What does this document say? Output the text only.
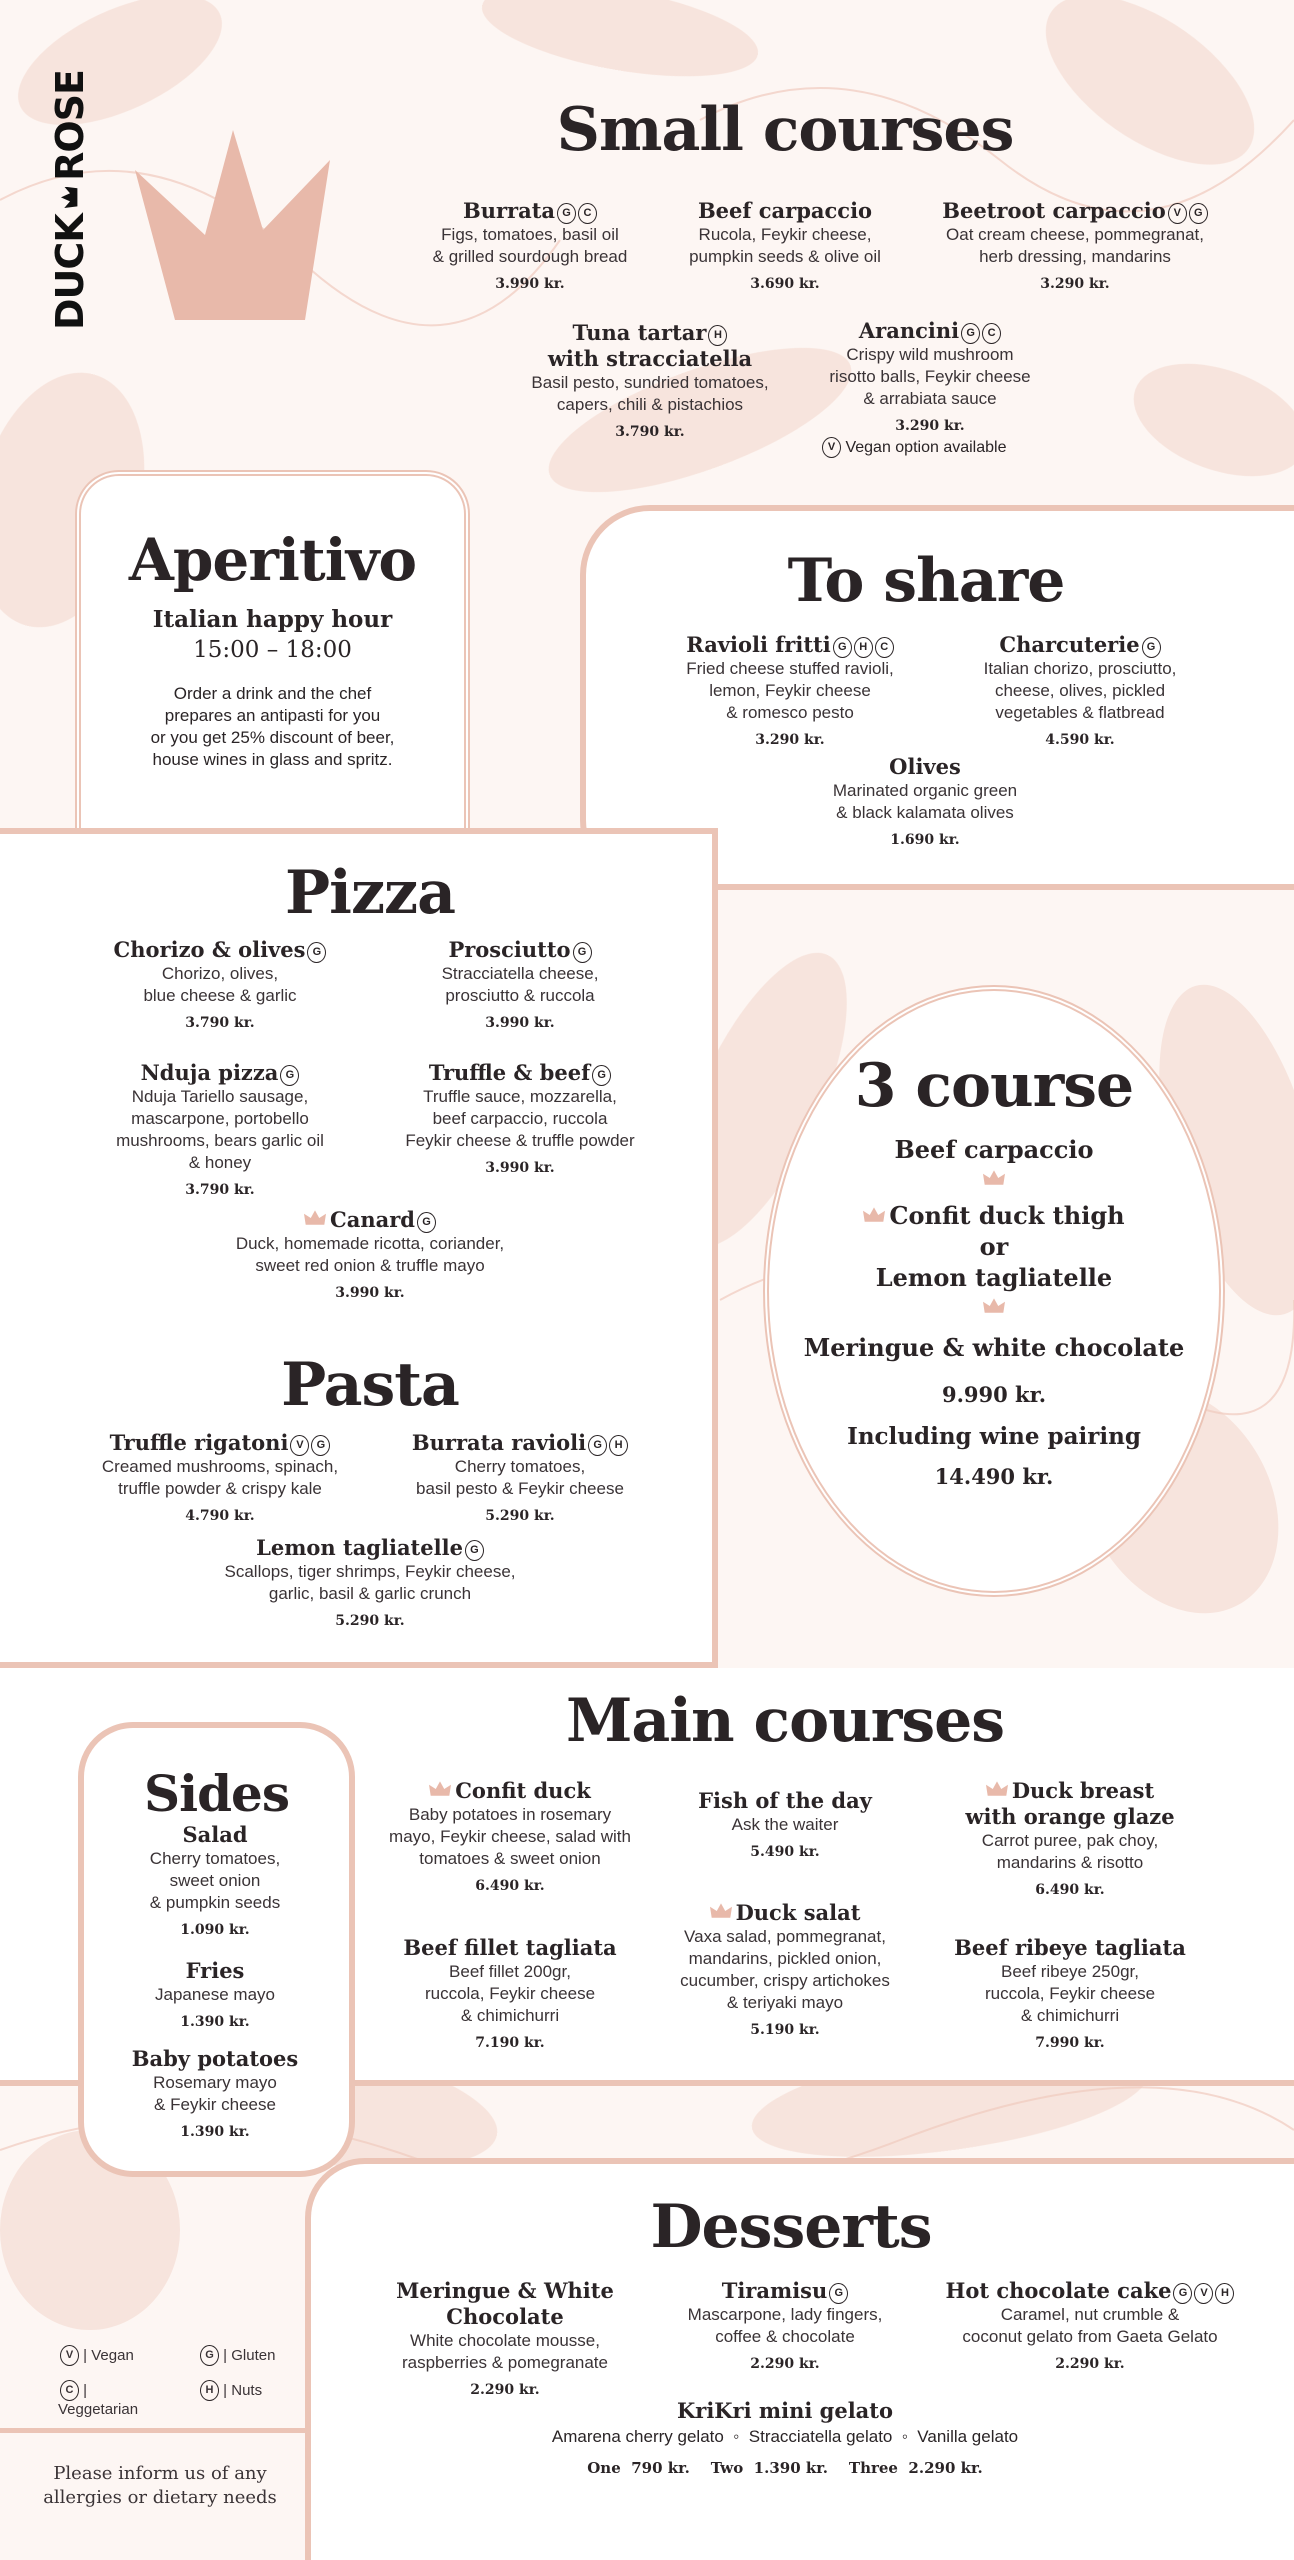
DUCK
ROSE	Small courses
Burrata G C
Figs, tomatoes, basil oil
& grilled sourdough bread
3.990 kr.
Beef carpaccio
Rucola, Feykir cheese,
pumpkin seeds & olive oil
3.690 kr.
Beetroot carpaccio V G
Oat cream cheese, pommegranat,
herb dressing, mandarins
3.290 kr.
Tuna tartar H
with stracciatella
Basil pesto, sundried tomatoes,
capers, chili & pistachios
3.790 kr.
Arancini G C
Crispy wild mushroom
risotto balls, Feykir cheese
& arrabiata sauce
3.290 kr.
V Vegan option available
Aperitivo
Italian happy hour
15:00 – 18:00
Order a drink and the chef
prepares an antipasti for you
or you get 25% discount of beer,
house wines in glass and spritz.
To share
Ravioli fritti G H C
Fried cheese stuffed ravioli,
lemon, Feykir cheese
& romesco pesto
3.290 kr.
Charcuterie G
Italian chorizo, prosciutto,
cheese, olives, pickled
vegetables & flatbread
4.590 kr.
Olives
Marinated organic green
& black kalamata olives
1.690 kr.
Pizza
Pasta
Chorizo & olives G
Chorizo, olives,
blue cheese & garlic
3.790 kr.
Prosciutto G
Stracciatella cheese,
prosciutto & ruccola
3.990 kr.
Nduja pizza G
Nduja Tariello sausage,
mascarpone, portobello
mushrooms, bears garlic oil
& honey
3.790 kr.
Truffle & beef G
Truffle sauce, mozzarella,
beef carpaccio, ruccola
Feykir cheese & truffle powder
3.990 kr.
Canard G
Duck, homemade ricotta, coriander,
sweet red onion & truffle mayo
3.990 kr.
Truffle rigatoni V G
Creamed mushrooms, spinach,
truffle powder & crispy kale
4.790 kr.
Burrata ravioli G H
Cherry tomatoes,
basil pesto & Feykir cheese
5.290 kr.
Lemon tagliatelle G
Scallops, tiger shrimps, Feykir cheese,
garlic, basil & garlic crunch
5.290 kr.
3 course
Beef carpaccio
Confit duck thigh
or
Lemon tagliatelle
Meringue & white chocolate
9.990 kr.
Including wine pairing
14.490 kr.
Main courses
Confit duck
Baby potatoes in rosemary
mayo, Feykir cheese, salad with
tomatoes & sweet onion
6.490 kr.
Fish of the day
Ask the waiter
5.490 kr.
Duck breast
with orange glaze
Carrot puree, pak choy,
mandarins & risotto
6.490 kr.
Duck salat
Vaxa salad, pommegranat,
mandarins, pickled onion,
cucumber, crispy artichokes
& teriyaki mayo
5.190 kr.
Beef fillet tagliata
Beef fillet 200gr,
ruccola, Feykir cheese
& chimichurri
7.190 kr.
Beef ribeye tagliata
Beef ribeye 250gr,
ruccola, Feykir cheese
& chimichurri
7.990 kr.
Sides
Salad
Cherry tomatoes,
sweet onion
& pumpkin seeds
1.090 kr.
Fries
Japanese mayo
1.390 kr.
Baby potatoes
Rosemary mayo
& Feykir cheese
1.390 kr.
Desserts
Meringue & White Chocolate
White chocolate mousse,
raspberries & pomegranate
2.290 kr.
Tiramisu G
Mascarpone, lady fingers,
coffee & chocolate
2.290 kr.
Hot chocolate cake G V H
Caramel, nut crumble &
coconut gelato from Gaeta Gelato
2.290 kr.
KriKri mini gelato
Amarena cherry gelato  ◦  Stracciatella gelato  ◦  Vanilla gelato
One 790 kr. Two 1.390 kr. Three 2.290 kr.
V | Vegan	G | Gluten
C | Veggetarian
H | Nuts
Please inform us of any
allergies or dietary needs
